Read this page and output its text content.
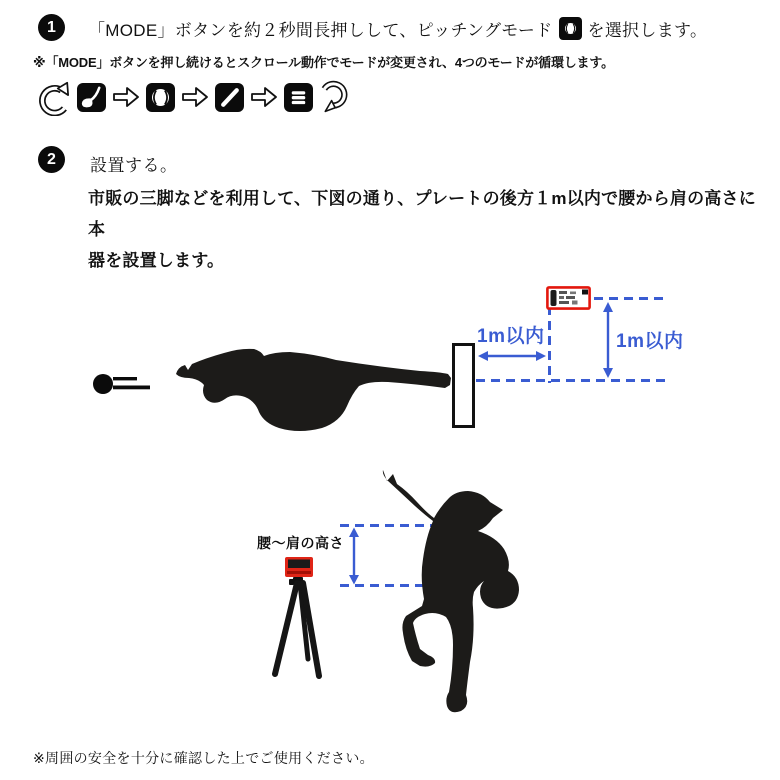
1 「MODE」ボタンを約２秒間長押しして、ピッチングモード を選択します。
※「MODE」ボタンを押し続けるとスクロール動作でモードが変更され、4つのモードが循環します。
2 設置する。
市販の三脚などを利用して、下図の通り、プレートの後方１m以内で腰から肩の高さに本
器を設置します。
1m以内	1m以内
腰〜肩の高さ
※周囲の安全を十分に確認した上でご使用ください。
